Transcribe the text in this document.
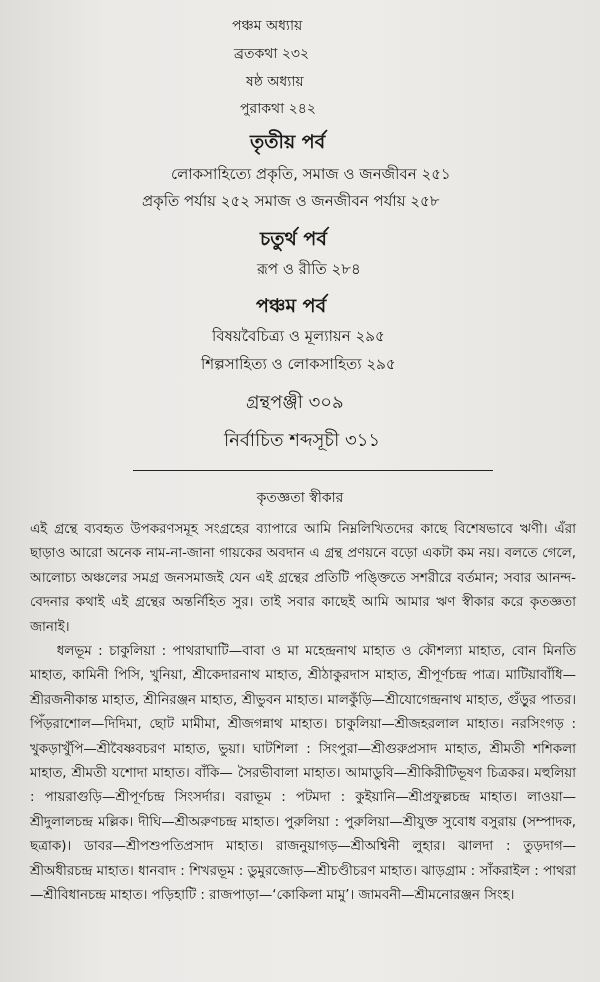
পঞ্চম অধ্যায়
ব্রতকথা ২৩২
ষষ্ঠ অধ্যায়
পুরাকথা ২৪২
তৃতীয় পর্ব
লোকসাহিত্যে প্রকৃতি, সমাজ ও জনজীবন ২৫১
প্রকৃতি পর্যায় ২৫২ সমাজ ও জনজীবন পর্যায় ২৫৮
চতুর্থ পর্ব
রূপ ও রীতি ২৮৪
পঞ্চম পর্ব
বিষয়বৈচিত্র্য ও মূল্যায়ন ২৯৫
শিল্পসাহিত্য ও লোকসাহিত্য ২৯৫
গ্রন্থপঞ্জী ৩০৯
নির্বাচিত শব্দসূচী ৩১১
কৃতজ্ঞতা স্বীকার

এই গ্রন্থে ব্যবহৃত উপকরণসমূহ সংগ্রহের ব্যাপারে আমি নিম্নলিখিতদের কাছে বিশেষভাবে ঋণী। এঁরা ছাড়াও আরো অনেক নাম-না-জানা গায়কের অবদান এ গ্রন্থ প্রণয়নে বড়ো একটা কম নয়। বলতে গেলে, আলোচ্য অঞ্চলের সমগ্র জনসমাজই যেন এই গ্রন্থের প্রতিটি পঙ্ক্তিতে সশরীরে বর্তমান; সবার আনন্দ-বেদনার কথাই এই গ্রন্থের অন্তর্নিহিত সুর। তাই সবার কাছেই আমি আমার ঋণ স্বীকার করে কৃতজ্ঞতা জানাই।

ধলভূম : চাকুলিয়া : পাথরাঘাটি—বাবা ও মা মহেন্দ্রনাথ মাহাত ও কৌশল্যা মাহাত, বোন মিনতি মাহাত, কামিনী পিসি, খুনিয়া, শ্রীকেদারনাথ মাহাত, শ্রীঠাকুরদাস মাহাত, শ্রীপূর্ণচন্দ্র পাত্র। মাটিয়াবাঁধি—শ্রীরজনীকান্ত মাহাত, শ্রীনিরঞ্জন মাহাত, শ্রীভুবন মাহাত। মালকুঁড়ি—শ্রীযোগেন্দ্রনাথ মাহাত, গুঁড়ুর পাতর। পিঁড়রাশোল—দিদিমা, ছোট মামীমা, শ্রীজগন্নাথ মাহাত। চাকুলিয়া—শ্রীজহরলাল মাহাত। নরসিংগড় : খুকড়াখুঁপি—শ্রীবৈষ্ণবচরণ মাহাত, ভুয়া। ঘাটশিলা : সিংপুরা—শ্রীগুরুপ্রসাদ মাহাত, শ্রীমতী শশিকলা মাহাত, শ্রীমতী যশোদা মাহাত। বাঁকি— সৈরভীবালা মাহাত। আমাডুবি—শ্রীকিরীটিভূষণ চিত্রকর। মহুলিয়া : পায়রাগুড়ি—শ্রীপূর্ণচন্দ্র সিংসর্দার। বরাভূম : পটমদা : কুইয়ানি—শ্রীপ্রফুল্লচন্দ্র মাহাত। লাওয়া—শ্রীদুলালচন্দ্র মল্লিক। দীঘি—শ্রীঅরুণচন্দ্র মাহাত। পুরুলিয়া : পুরুলিয়া—শ্রীযুক্ত সুবোধ বসুরায় (সম্পাদক, ছত্রাক)। ডাবর—শ্রীপশুপতিপ্রসাদ মাহাত। রাজনুয়াগড়—শ্রীঅশ্বিনী লুহার। ঝালদা : তুড়দাগ—শ্রীঅধীরচন্দ্র মাহাত। ধানবাদ : শিখরভূম : ডুমুরজোড়—শ্রীচণ্ডীচরণ মাহাত। ঝাড়গ্রাম : সাঁকরাইল : পাথরা—শ্রীবিধানচন্দ্র মাহাত। পড়িহাটি : রাজপাড়া—‘কোকিলা মামু’। জামবনী—শ্রীমনোরঞ্জন সিংহ।
